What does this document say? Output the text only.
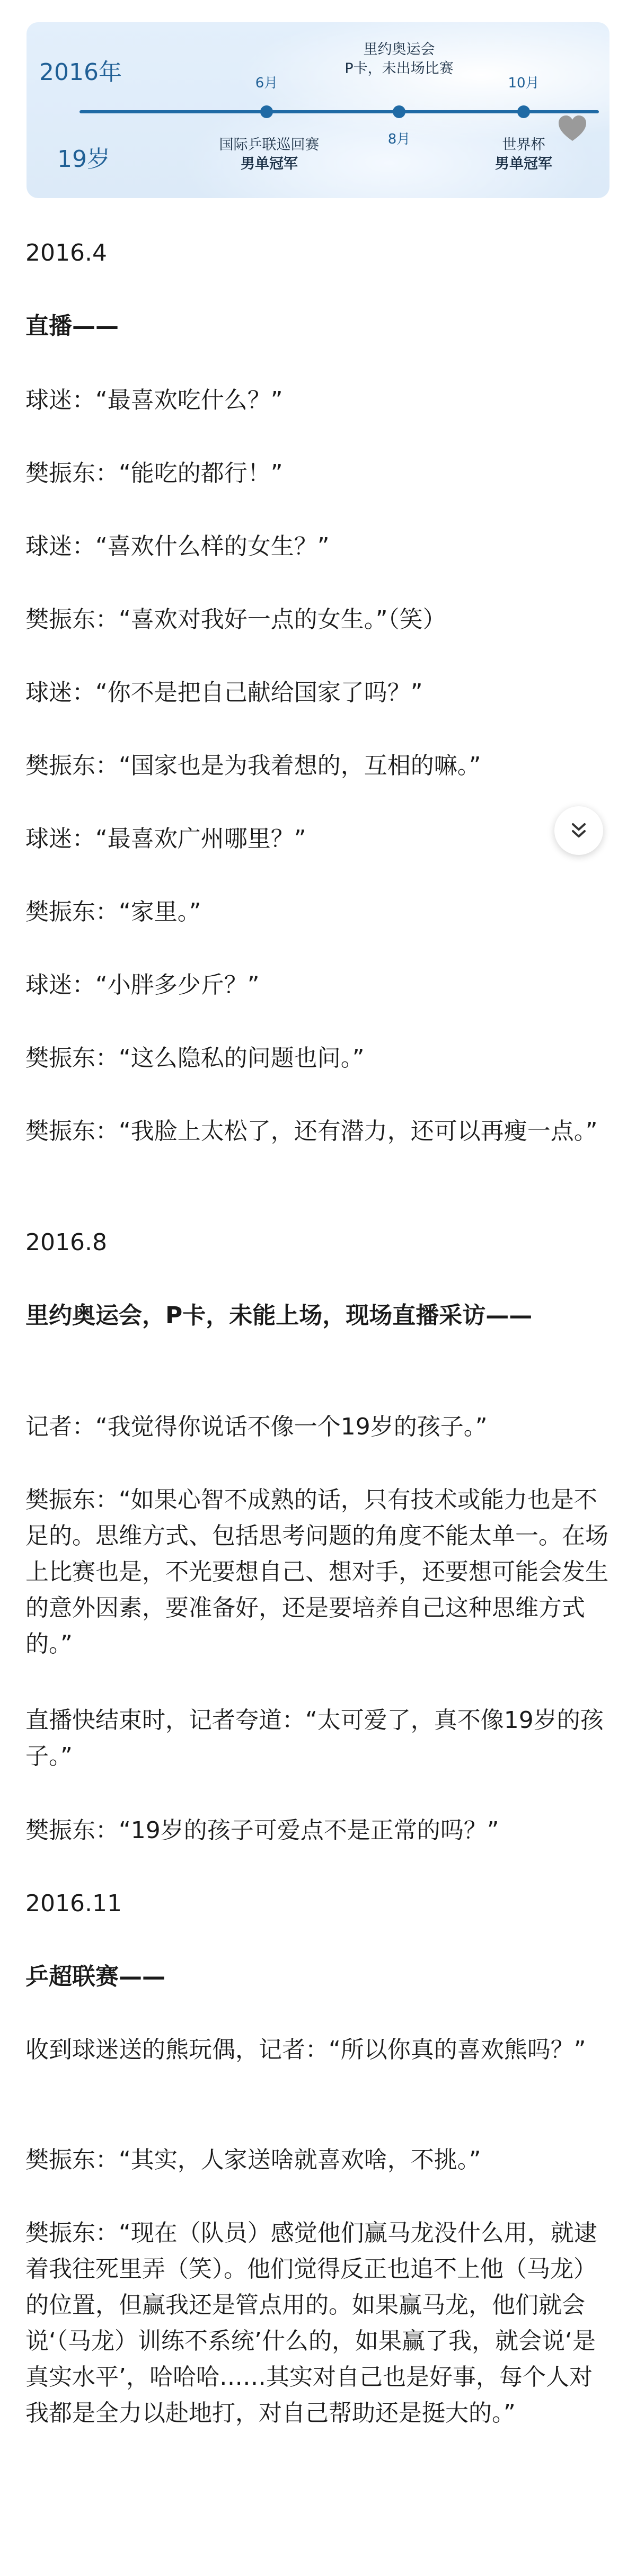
2016年
19岁
6月
8月
10月
国际乒联巡回赛
男单冠军
里约奥运会
P卡，未出场比赛
世界杯
男单冠军
2016.4
直播——
球迷：“最喜欢吃什么？”
樊振东：“能吃的都行！”
球迷：“喜欢什么样的女生？”
樊振东：“喜欢对我好一点的女生。”（笑）
球迷：“你不是把自己献给国家了吗？”
樊振东：“国家也是为我着想的，互相的嘛。”
球迷：“最喜欢广州哪里？”
樊振东：“家里。”
球迷：“小胖多少斤？”
樊振东：“这么隐私的问题也问。”
樊振东：“我脸上太松了，还有潜力，还可以再瘦一点。”
2016.8
里约奥运会，P卡，未能上场，现场直播采访——
记者：“我觉得你说话不像一个19岁的孩子。”
樊振东：“如果心智不成熟的话，只有技术或能力也是不足的。思维方式、包括思考问题的角度不能太单一。在场上比赛也是，不光要想自己、想对手，还要想可能会发生的意外因素，要准备好，还是要培养自己这种思维方式的。”
直播快结束时，记者夸道：“太可爱了，真不像19岁的孩子。”
樊振东：“19岁的孩子可爱点不是正常的吗？”
2016.11
乒超联赛——
收到球迷送的熊玩偶，记者：“所以你真的喜欢熊吗？”
樊振东：“其实，人家送啥就喜欢啥，不挑。”
樊振东：“现在（队员）感觉他们赢马龙没什么用，就逮着我往死里弄（笑）。他们觉得反正也追不上他（马龙）的位置，但赢我还是管点用的。如果赢马龙，他们就会说‘（马龙）训练不系统’什么的，如果赢了我，就会说‘是真实水平’，哈哈哈……其实对自己也是好事，每个人对我都是全力以赴地打，对自己帮助还是挺大的。”
